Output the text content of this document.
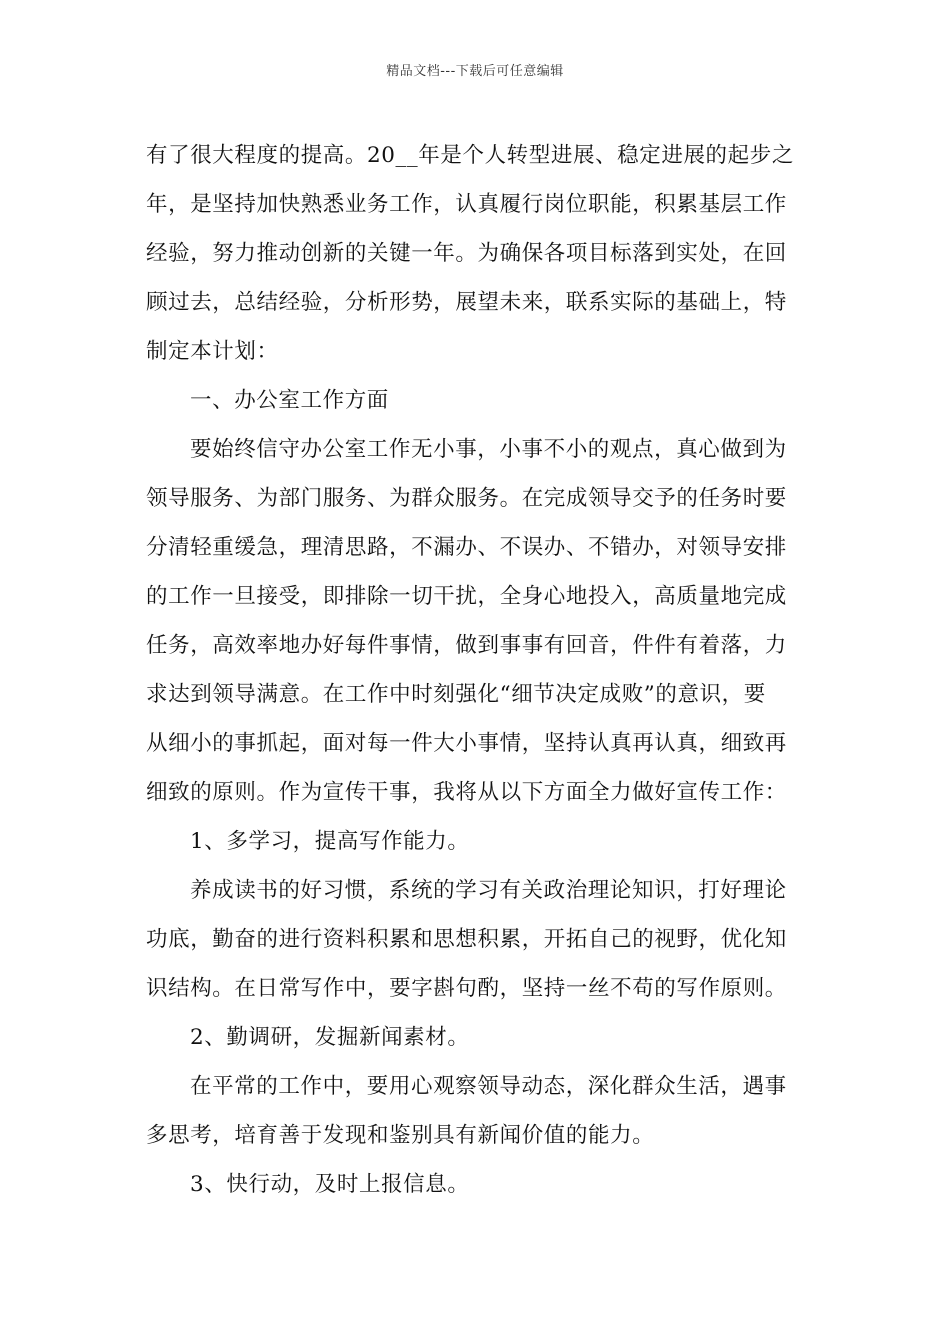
精品文档---下载后可任意编辑
有了很大程度的提高。20__年是个人转型进展、稳定进展的起步之
年，是坚持加快熟悉业务工作，认真履行岗位职能，积累基层工作
经验，努力推动创新的关键一年。为确保各项目标落到实处，在回
顾过去，总结经验，分析形势，展望未来，联系实际的基础上，特
制定本计划：
一、办公室工作方面
要始终信守办公室工作无小事，小事不小的观点，真心做到为
领导服务、为部门服务、为群众服务。在完成领导交予的任务时要
分清轻重缓急，理清思路，不漏办、不误办、不错办，对领导安排
的工作一旦接受，即排除一切干扰，全身心地投入，高质量地完成
任务，高效率地办好每件事情，做到事事有回音，件件有着落，力
求达到领导满意。在工作中时刻强化“细节决定成败”的意识，要
从细小的事抓起，面对每一件大小事情，坚持认真再认真，细致再
细致的原则。作为宣传干事，我将从以下方面全力做好宣传工作：
1、多学习，提高写作能力。
养成读书的好习惯，系统的学习有关政治理论知识，打好理论
功底，勤奋的进行资料积累和思想积累，开拓自己的视野，优化知
识结构。在日常写作中，要字斟句酌，坚持一丝不苟的写作原则。
2、勤调研，发掘新闻素材。
在平常的工作中，要用心观察领导动态，深化群众生活，遇事
多思考，培育善于发现和鉴别具有新闻价值的能力。
3、快行动，及时上报信息。
